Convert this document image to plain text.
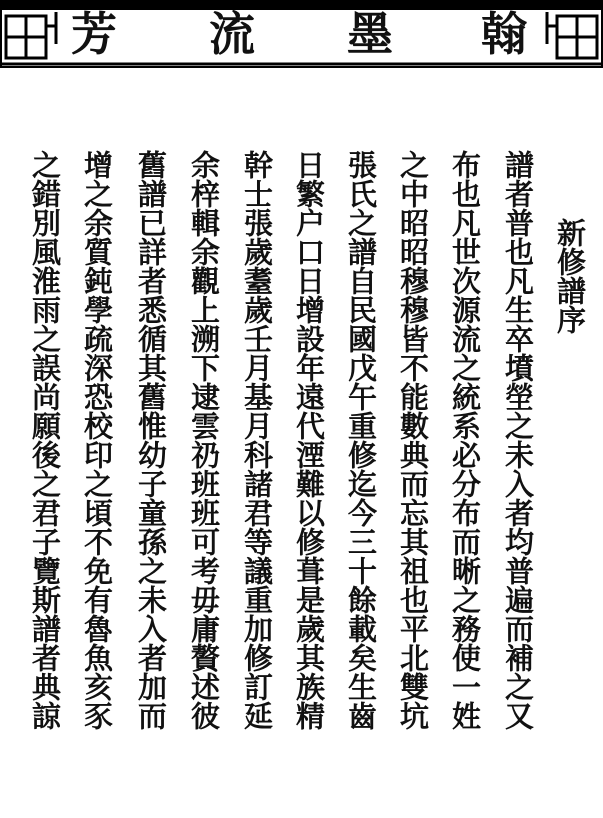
芳 流 墨 翰
新修譜序
譜者普也凡生卒墳塋之未入者均普遍而補之又
布也凡世次源流之統系必分布而晰之務使一姓
之中昭昭穆穆皆不能數典而忘其祖也平北雙坑
張氏之譜自民國戊午重修迄今三十餘載矣生齒
日繁户口日增設年遠代湮難以修葺是歲其族精
幹士張歲耋歲壬月基月科諸君等議重加修訂延
余梓輯余觀上溯下逮雲礽班班可考毋庸贅述彼
舊譜已詳者悉循其舊惟幼子童孫之未入者加而
增之余質鈍學疏深恐校印之頃不免有魯魚亥豕
之錯別風淮雨之誤尚願後之君子覽斯譜者典諒
